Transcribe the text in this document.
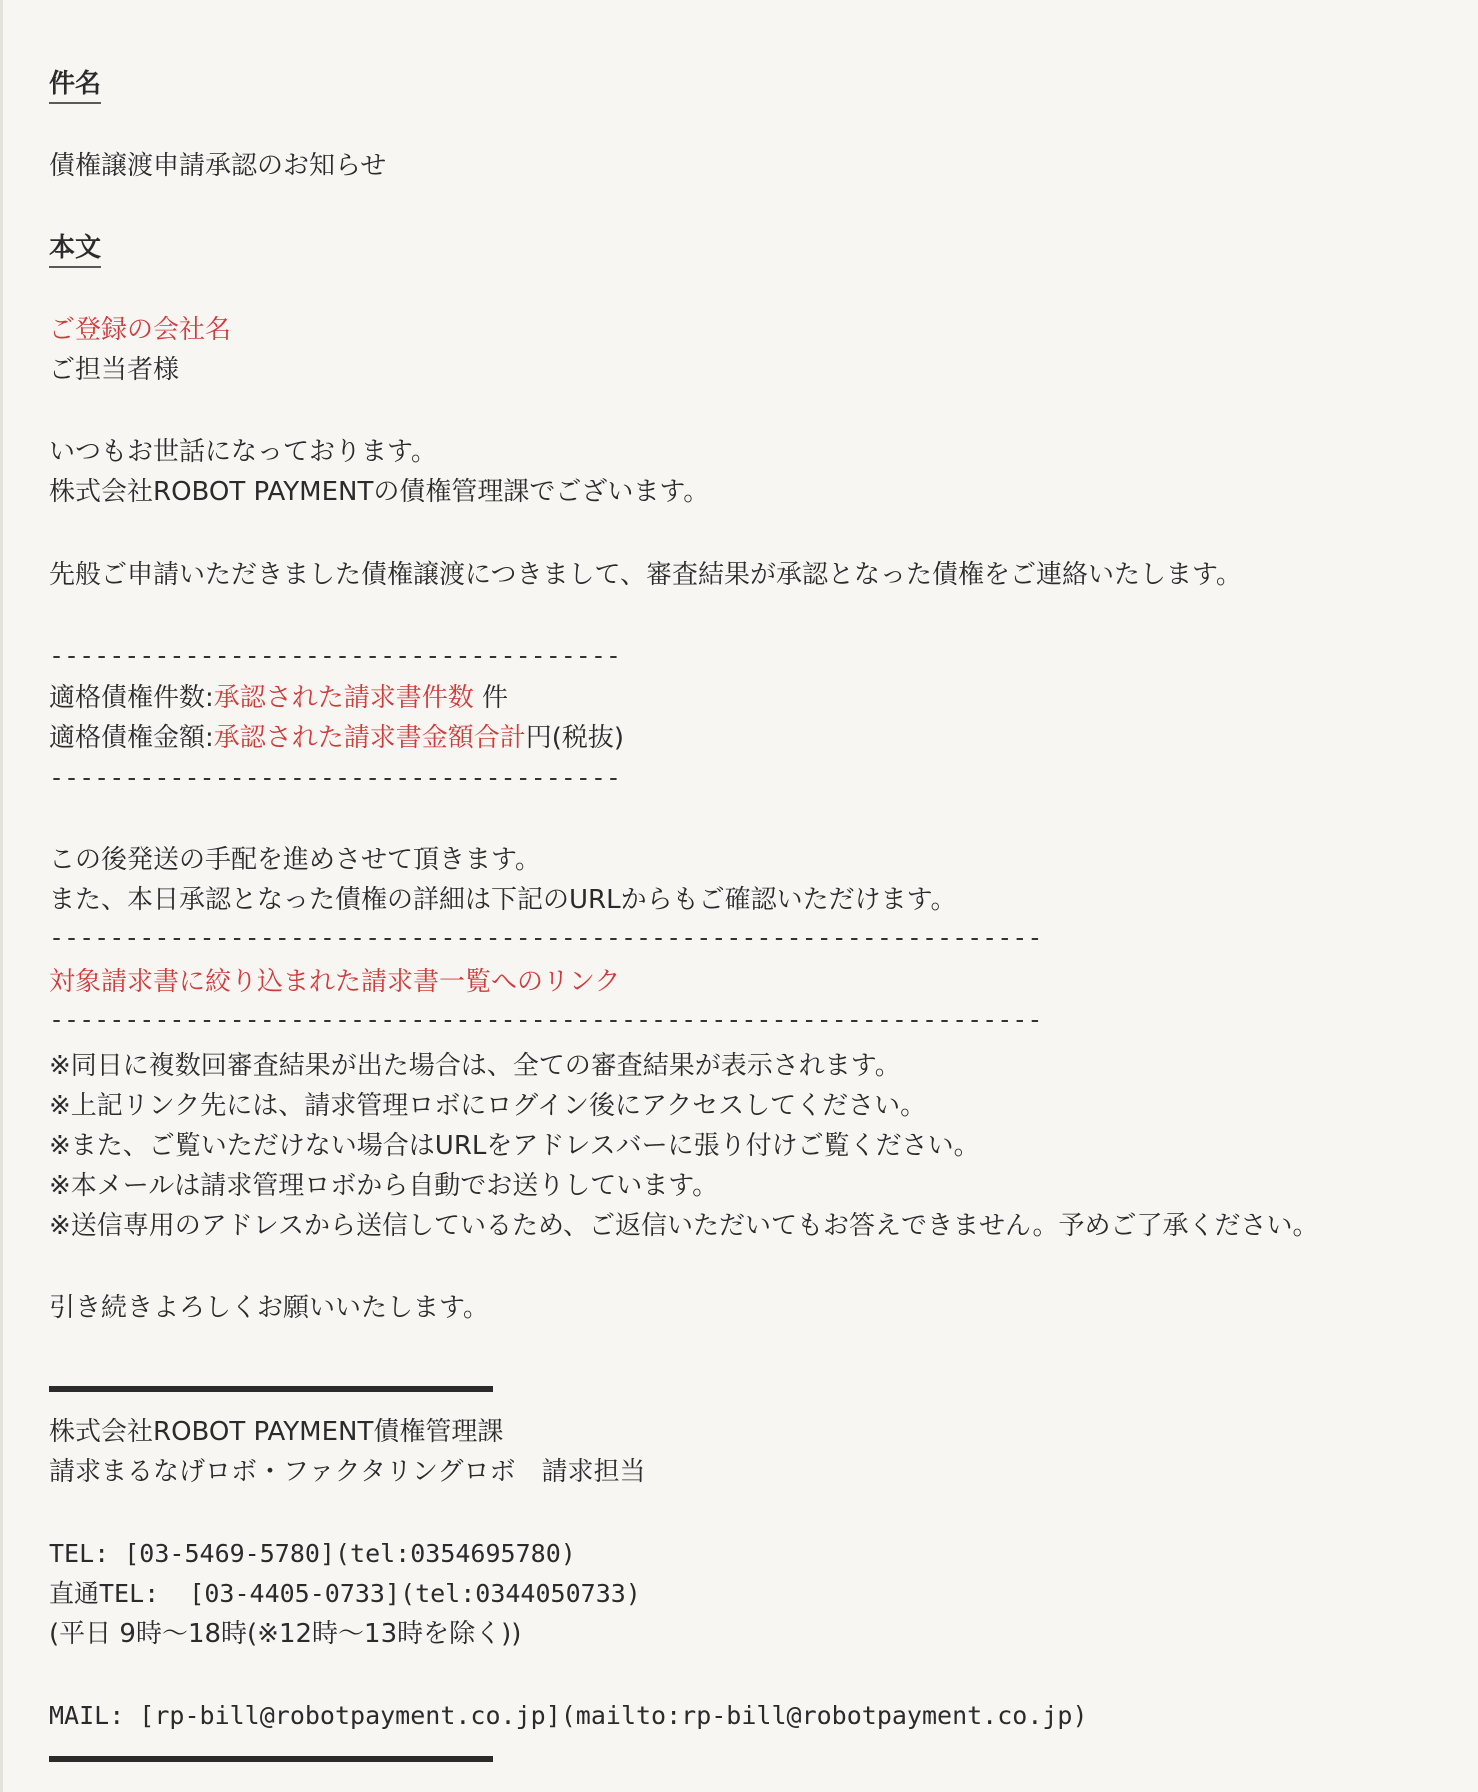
件名
債権譲渡申請承認のお知らせ
本文
ご登録の会社名
ご担当者様
いつもお世話になっております。
株式会社ROBOT PAYMENTの債権管理課でございます。
先般ご申請いただきました債権譲渡につきまして、審査結果が承認となった債権をご連絡いたします。
--------------------------------------
適格債権件数:承認された請求書件数 件
適格債権金額:承認された請求書金額合計円(税抜)
--------------------------------------
この後発送の手配を進めさせて頂きます。
また、本日承認となった債権の詳細は下記のURLからもご確認いただけます。
------------------------------------------------------------------
対象請求書に絞り込まれた請求書一覧へのリンク
------------------------------------------------------------------
※同日に複数回審査結果が出た場合は、全ての審査結果が表示されます。
※上記リンク先には、請求管理ロボにログイン後にアクセスしてください。
※また、ご覧いただけない場合はURLをアドレスバーに張り付けご覧ください。
※本メールは請求管理ロボから自動でお送りしています。
※送信専用のアドレスから送信しているため、ご返信いただいてもお答えできません。予めご了承ください。
引き続きよろしくお願いいたします。
株式会社ROBOT PAYMENT債権管理課
請求まるなげロボ・ファクタリングロボ　請求担当
TEL: [03-5469-5780](tel:0354695780)
直通TEL:  [03-4405-0733](tel:0344050733)
(平日 9時〜18時(※12時〜13時を除く))
MAIL: [rp-bill@robotpayment.co.jp](mailto:rp-bill@robotpayment.co.jp)
